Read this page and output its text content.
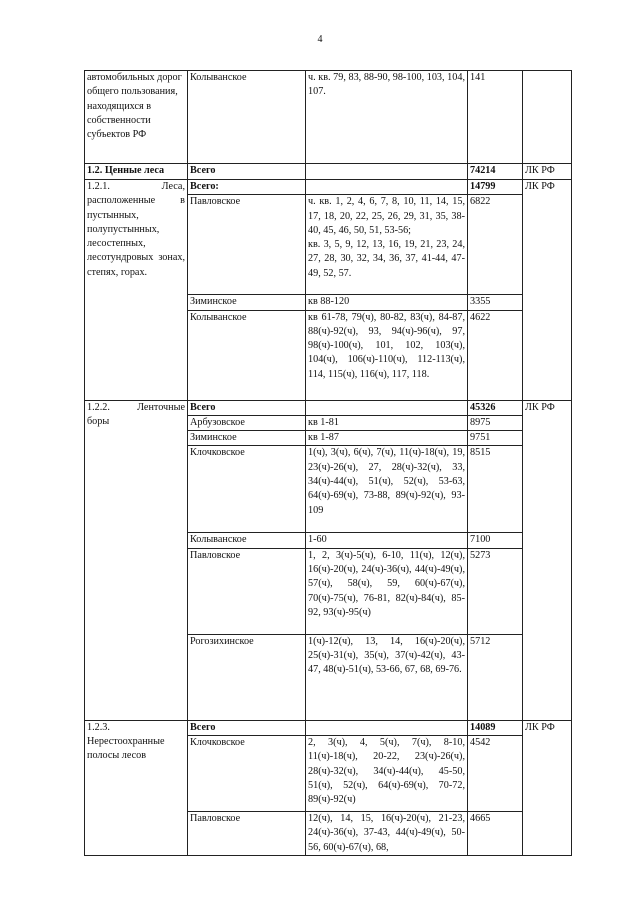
4
автомобильных дорог общего пользования, находящихся в собственности субъектов РФ	Колыванское	ч. кв. 79, 83, 88-90, 98-100, 103, 104, 107.	141	
1.2. Ценные леса	Всего		74214	ЛК РФ
1.2.1. Леса, расположенные в пустынных, полупустынных, лесостепных, лесотундровых зонах, степях, горах.	Всего:		14799	ЛК РФ
	Павловское	ч. кв. 1, 2, 4, 6, 7, 8, 10, 11, 14, 15, 17, 18, 20, 22, 25, 26, 29, 31, 35, 38-40, 45, 46, 50, 51, 53-56;
кв. 3, 5, 9, 12, 13, 16, 19, 21, 23, 24, 27, 28, 30, 32, 34, 36, 37, 41-44, 47-49, 52, 57.	6822	
	Зиминское	кв 88-120	3355	
	Колыванское	кв 61-78, 79(ч), 80-82, 83(ч), 84-87, 88(ч)-92(ч), 93, 94(ч)-96(ч), 97, 98(ч)-100(ч), 101, 102, 103(ч), 104(ч), 106(ч)-110(ч), 112-113(ч), 114, 115(ч), 116(ч), 117, 118.	4622	
1.2.2. Ленточные боры	Всего		45326	ЛК РФ
	Арбузовское	кв 1-81	8975	
	Зиминское	кв 1-87	9751	
	Клочковское	1(ч), 3(ч), 6(ч), 7(ч), 11(ч)-18(ч), 19, 23(ч)-26(ч), 27, 28(ч)-32(ч), 33, 34(ч)-44(ч), 51(ч), 52(ч), 53-63, 64(ч)-69(ч), 73-88, 89(ч)-92(ч), 93-109	8515	
	Колыванское	1-60	7100	
	Павловское	1, 2, 3(ч)-5(ч), 6-10, 11(ч), 12(ч), 16(ч)-20(ч), 24(ч)-36(ч), 44(ч)-49(ч), 57(ч), 58(ч), 59, 60(ч)-67(ч), 70(ч)-75(ч), 76-81, 82(ч)-84(ч), 85-92, 93(ч)-95(ч)	5273	
	Рогозихинское	1(ч)-12(ч), 13, 14, 16(ч)-20(ч), 25(ч)-31(ч), 35(ч), 37(ч)-42(ч), 43-47, 48(ч)-51(ч), 53-66, 67, 68, 69-76.	5712	

1.2.3.
Нерестоохранные полосы лесов	Всего		14089	ЛК РФ
	Клочковское	2, 3(ч), 4, 5(ч), 7(ч), 8-10, 11(ч)-18(ч), 20-22, 23(ч)-26(ч), 28(ч)-32(ч), 34(ч)-44(ч), 45-50, 51(ч), 52(ч), 64(ч)-69(ч), 70-72, 89(ч)-92(ч)	4542	
	Павловское	12(ч), 14, 15, 16(ч)-20(ч), 21-23, 24(ч)-36(ч), 37-43, 44(ч)-49(ч), 50-56, 60(ч)-67(ч), 68,	4665	
